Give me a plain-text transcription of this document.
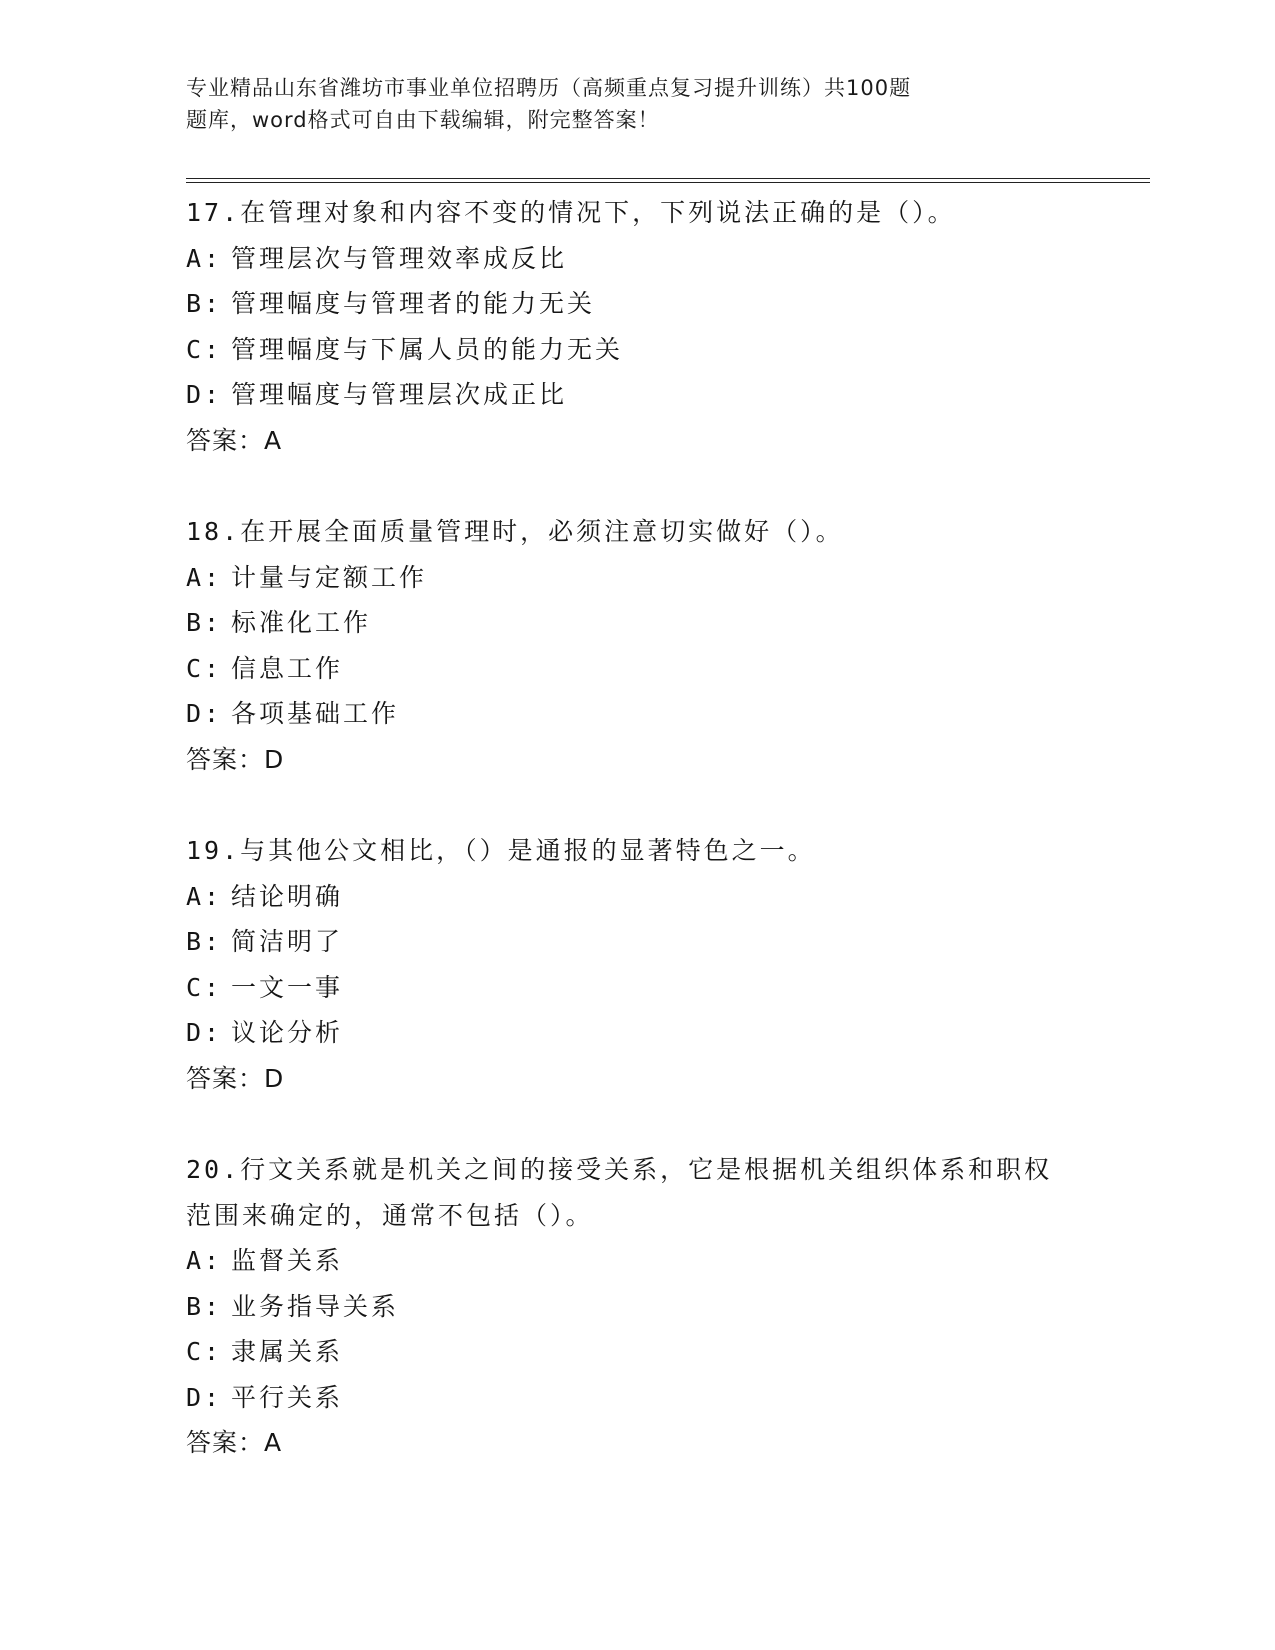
专业精品山东省潍坊市事业单位招聘历（高频重点复习提升训练）共100题
题库，word格式可自由下载编辑，附完整答案！
17.在管理对象和内容不变的情况下，下列说法正确的是（）。
A: 管理层次与管理效率成反比
B: 管理幅度与管理者的能力无关
C: 管理幅度与下属人员的能力无关
D: 管理幅度与管理层次成正比
答案：A
18.在开展全面质量管理时，必须注意切实做好（）。
A: 计量与定额工作
B: 标准化工作
C: 信息工作
D: 各项基础工作
答案：D
19.与其他公文相比，（）是通报的显著特色之一。
A: 结论明确
B: 简洁明了
C: 一文一事
D: 议论分析
答案：D
20.行文关系就是机关之间的接受关系，它是根据机关组织体系和职权
范围来确定的，通常不包括（）。
A: 监督关系
B: 业务指导关系
C: 隶属关系
D: 平行关系
答案：A
